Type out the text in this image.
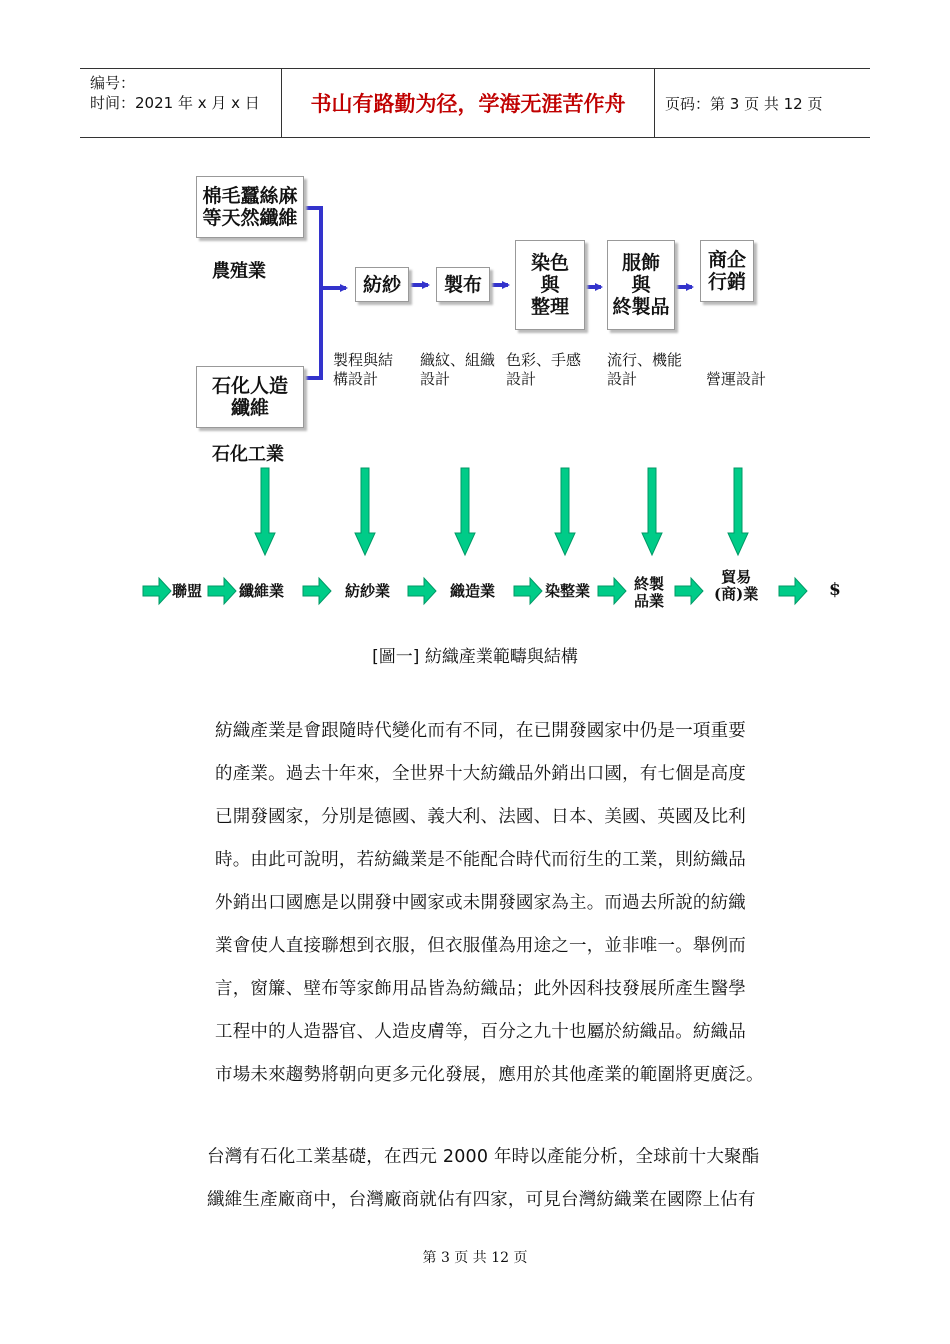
编号：
时间：2021 年 x 月 x 日	书山有路勤为径，学海无涯苦作舟	页码：第 3 页 共 12 页
棉毛蠶絲麻
等天然纖維
石化人造
纖維
農殖業
石化工業
紡紗	製布
染色
與
整理
服飾
與
終製品
商企
行銷
製程與結
構設計
織紋、組織
設計
色彩、手感
設計
流行、機能
設計	營運設計
聯盟 纖維業	紡紗業	織造業	染整業	終製
品業
貿易
(商)業	$
[圖一] 紡織產業範疇與結構
紡織產業是會跟隨時代變化而有不同，在已開發國家中仍是一項重要
的產業。過去十年來，全世界十大紡織品外銷出口國，有七個是高度
已開發國家，分別是德國、義大利、法國、日本、美國、英國及比利
時。由此可說明，若紡織業是不能配合時代而衍生的工業，則紡織品
外銷出口國應是以開發中國家或未開發國家為主。而過去所說的紡織
業會使人直接聯想到衣服，但衣服僅為用途之一，並非唯一。舉例而
言，窗簾、壁布等家飾用品皆為紡織品；此外因科技發展所產生醫學
工程中的人造器官、人造皮膚等，百分之九十也屬於紡織品。紡織品
市場未來趨勢將朝向更多元化發展，應用於其他產業的範圍將更廣泛。
台灣有石化工業基礎，在西元 2000 年時以產能分析，全球前十大聚酯
纖維生產廠商中，台灣廠商就佔有四家，可見台灣紡織業在國際上佔有
第 3 页 共 12 页
